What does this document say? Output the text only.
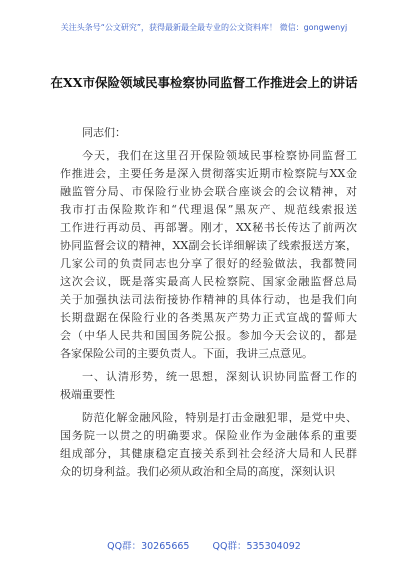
关注头条号“公文研究”，获得最新最全最专业的公文资料库！ 微信：gongwenyj
在XX市保险领域民事检察协同监督工作推进会上的讲话
同志们：
今天，我们在这里召开保险领域民事检察协同监督工
作推进会，主要任务是深入贯彻落实近期市检察院与XX金
融监管分局、市保险行业协会联合座谈会的会议精神，对
我市打击保险欺诈和“代理退保”黑灰产、规范线索报送
工作进行再动员、再部署。刚才，XX秘书长传达了前两次
协同监督会议的精神，XX副会长详细解读了线索报送方案，
几家公司的负责同志也分享了很好的经验做法，我都赞同
这次会议，既是落实最高人民检察院、国家金融监督总局
关于加强执法司法衔接协作精神的具体行动，也是我们向
长期盘踞在保险行业的各类黑灰产势力正式宣战的誓师大
会（中华人民共和国国务院公报。参加今天会议的，都是
各家保险公司的主要负责人。下面，我讲三点意见。
一、认清形势，统一思想，深刻认识协同监督工作的
极端重要性
防范化解金融风险，特别是打击金融犯罪，是党中央、
国务院一以贯之的明确要求。保险业作为金融体系的重要
组成部分，其健康稳定直接关系到社会经济大局和人民群
众的切身利益。我们必须从政治和全局的高度，深刻认识
QQ群：30265665 QQ群：535304092
